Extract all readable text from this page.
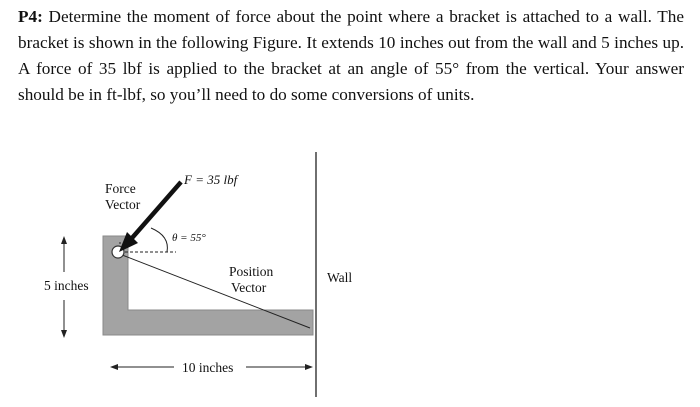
P4: Determine the moment of force about the point where a bracket is attached to a wall. The bracket is shown in the following Figure. It extends 10 inches out from the wall and 5 inches up. A force of 35 lbf is applied to the bracket at an angle of 55° from the vertical. Your answer should be in ft-lbf, so you’ll need to do some conversions of units.
F = 35 lbf
Force
Vector
θ = 55°
Position
Vector
Wall
5 inches
10 inches
